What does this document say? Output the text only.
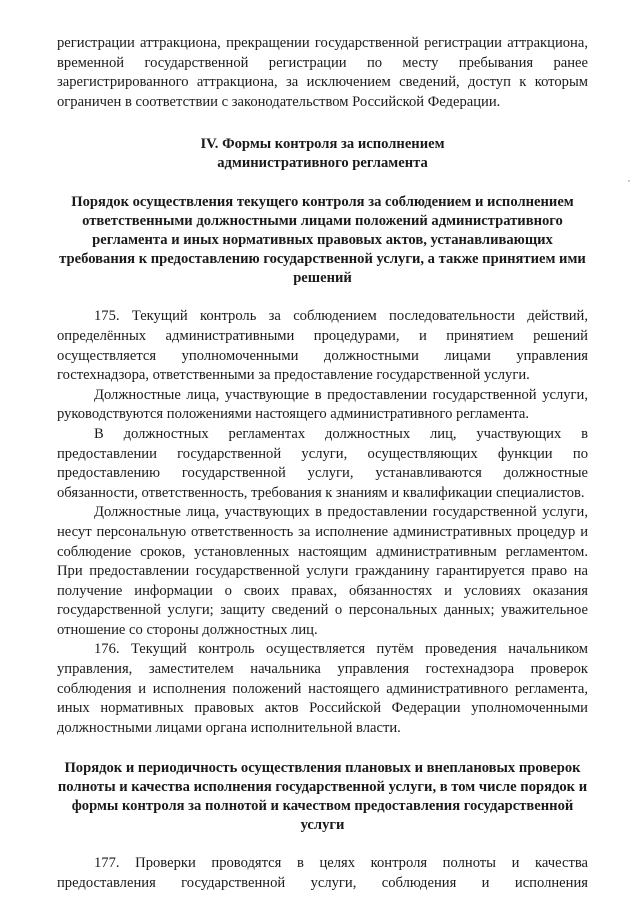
регистрации аттракциона, прекращении государственной регистрации аттракциона, временной государственной регистрации по месту пребывания ранее зарегистрированного аттракциона, за исключением сведений, доступ к которым ограничен в соответствии с законодательством Российской Федерации.

IV. Формы контроля за исполнением
административного регламента
Порядок осуществления текущего контроля за соблюдением и исполнением ответственными должностными лицами положений административного регламента и иных нормативных правовых актов, устанавливающих требования к предоставлению государственной услуги, а также принятием ими решений

175. Текущий контроль за соблюдением последовательности действий, определённых административными процедурами, и принятием решений осуществляется уполномоченными должностными лицами управления гостехнадзора, ответственными за предоставление государственной услуги.

Должностные лица, участвующие в предоставлении государственной услуги, руководствуются положениями настоящего административного регламента.

В должностных регламентах должностных лиц, участвующих в предоставлении государственной услуги, осуществляющих функции по предоставлению государственной услуги, устанавливаются должностные обязанности, ответственность, требования к знаниям и квалификации специалистов.

Должностные лица, участвующих в предоставлении государственной услуги, несут персональную ответственность за исполнение административных процедур и соблюдение сроков, установленных настоящим административным регламентом. При предоставлении государственной услуги гражданину гарантируется право на получение информации о своих правах, обязанностях и условиях оказания государственной услуги; защиту сведений о персональных данных; уважительное отношение со стороны должностных лиц.

176. Текущий контроль осуществляется путём проведения начальником управления, заместителем начальника управления гостехнадзора проверок соблюдения и исполнения положений настоящего административного регламента, иных нормативных правовых актов Российской Федерации уполномоченными должностными лицами органа исполнительной власти.

Порядок и периодичность осуществления плановых и внеплановых проверок полноты и качества исполнения государственной услуги, в том числе порядок и формы контроля за полнотой и качеством предоставления государственной услуги

177. Проверки проводятся в целях контроля полноты и качества предоставления государственной услуги, соблюдения и исполнения
